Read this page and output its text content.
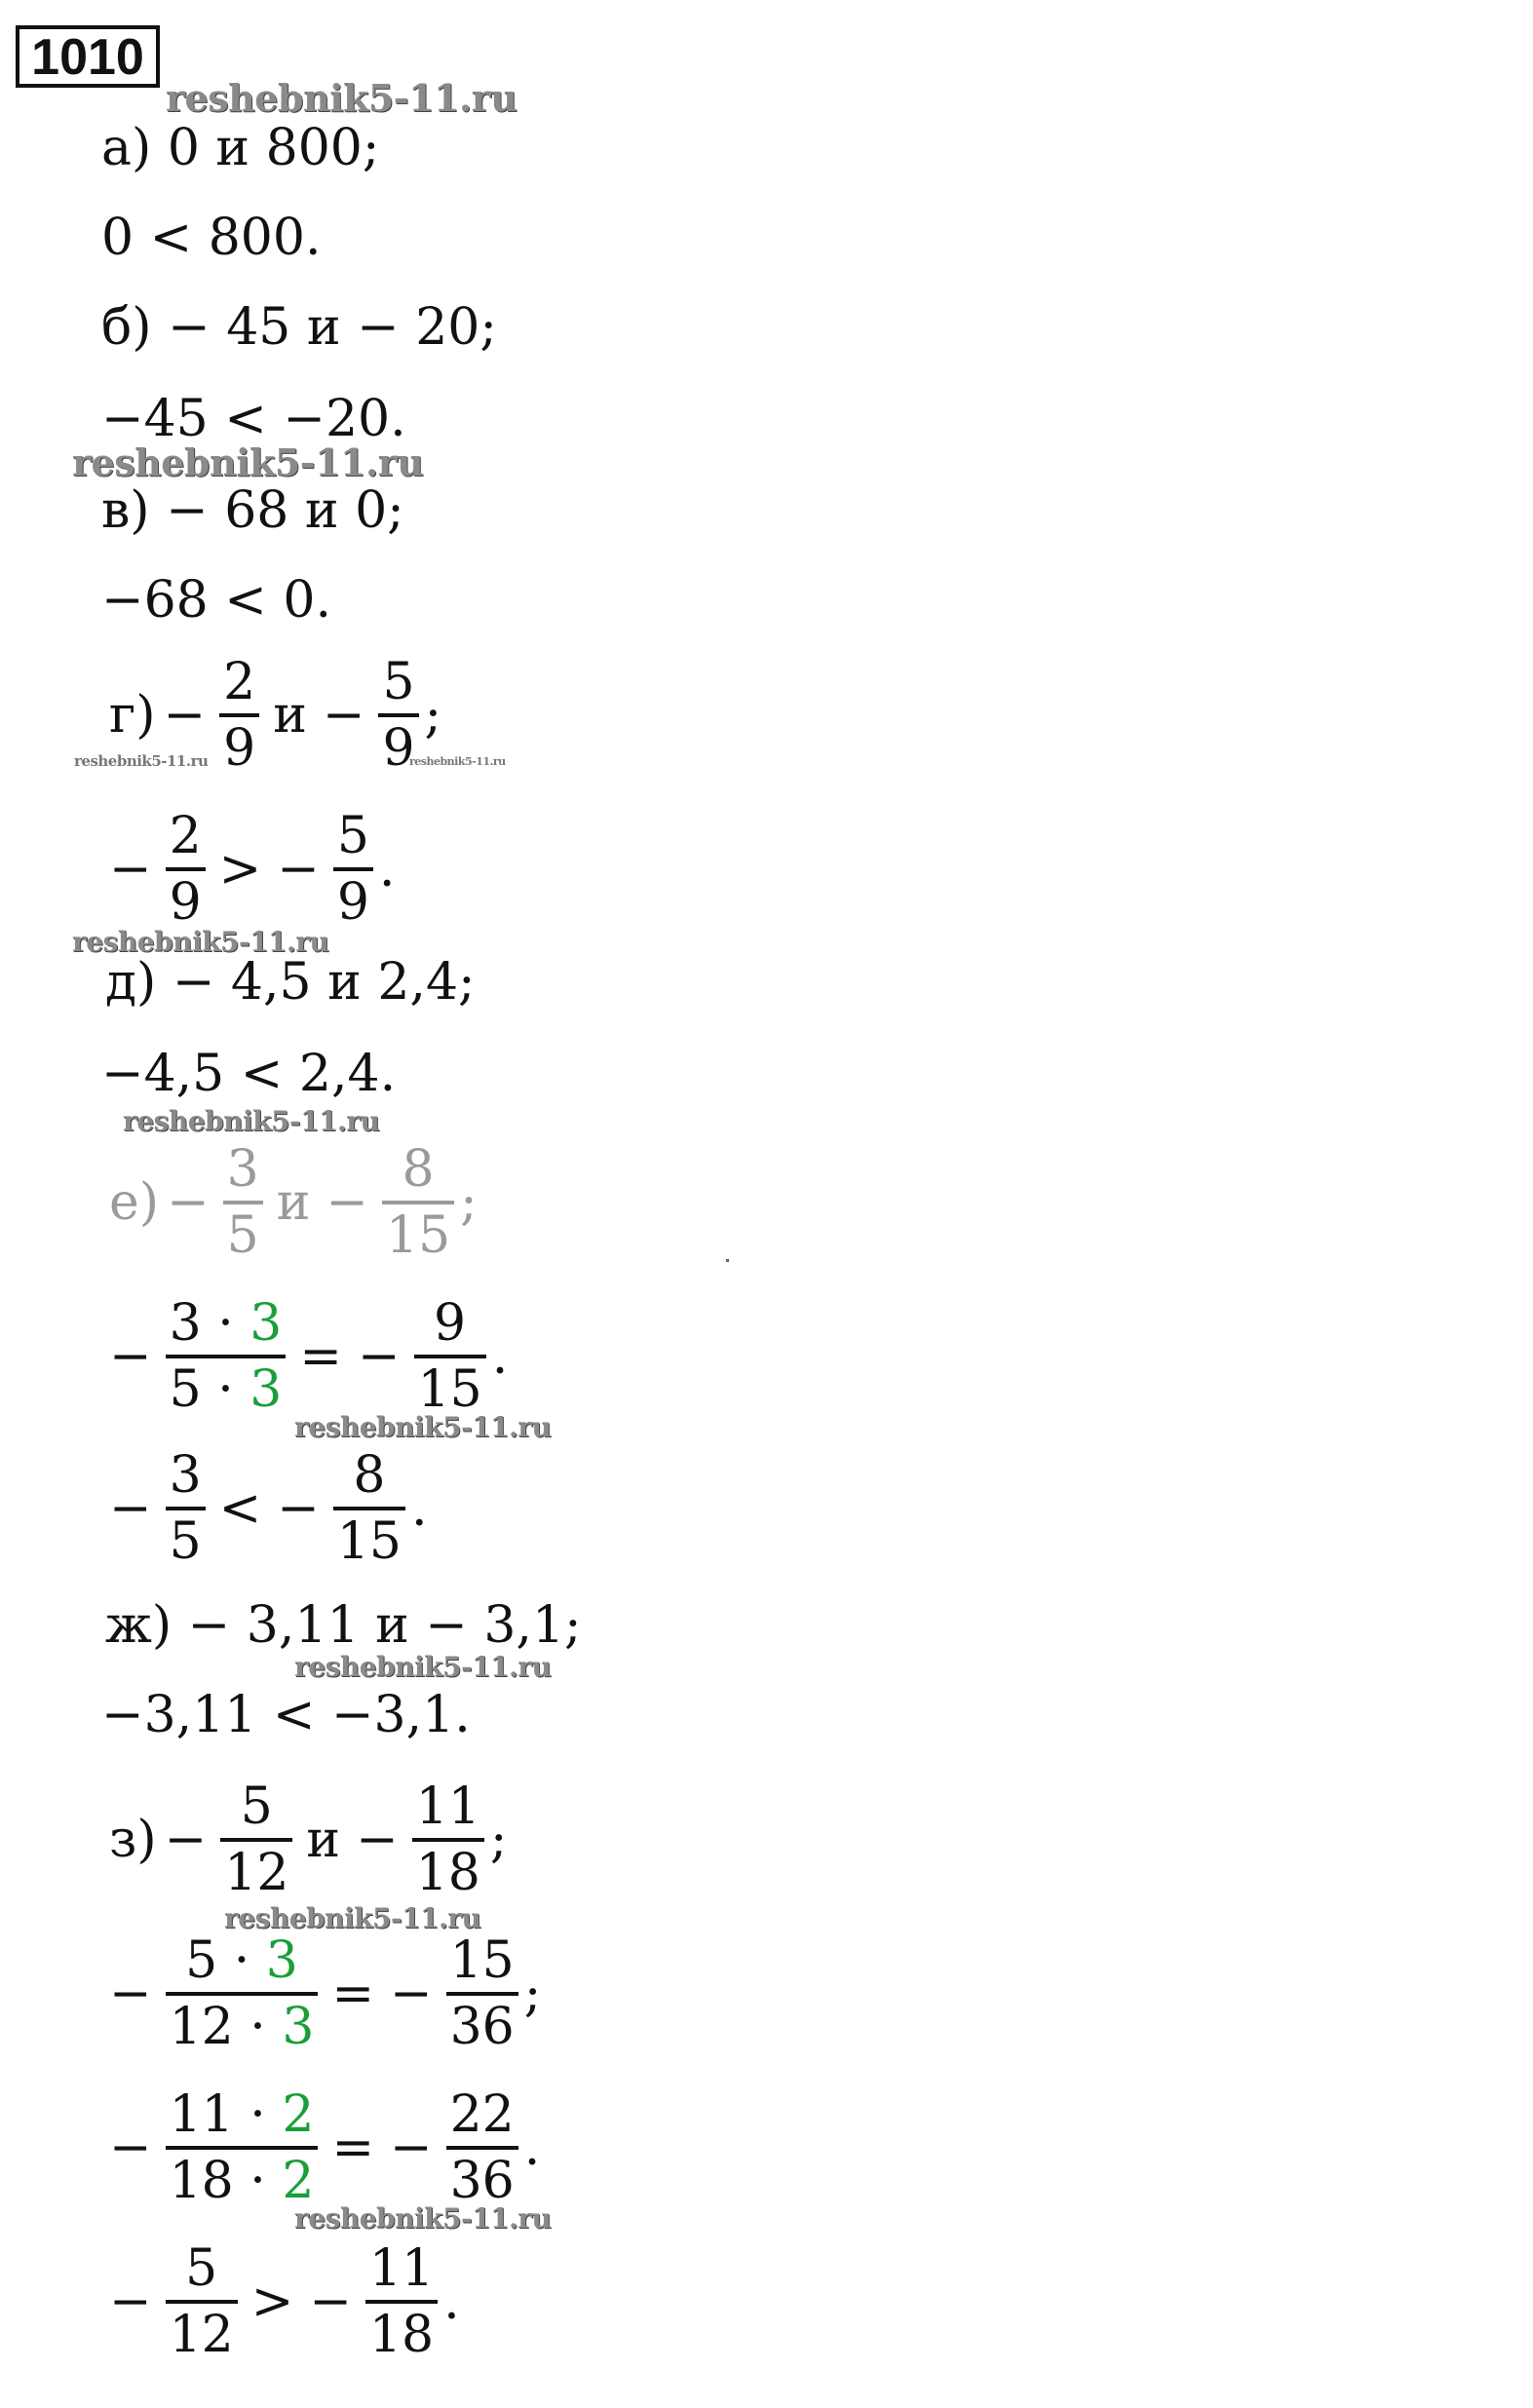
1010
reshebnik5-11.ru
reshebnik5-11.ru
reshebnik5-11.ru	reshebnik5-11.ru
reshebnik5-11.ru
reshebnik5-11.ru
reshebnik5-11.ru
reshebnik5-11.ru
reshebnik5-11.ru
reshebnik5-11.ru
а) 0 и 800;
0 < 800.
б) − 45 и − 20;
−45 < −20.
в) − 68 и 0;
−68 < 0.
$г) - \frac{2}{9}$ $и - \frac{5}{9}$ ;
− $\frac{2}{9}$ > − $\frac{5}{9}$ .
д) − 4,5 и 2,4;
−4,5 < 2,4.
$е) - \frac{3}{5}$ $и - \frac{8}{15}$ ;
− $\frac{3 \cdot 3}{5 \cdot 3}$ = − $\frac{9}{15}$ .
− $\frac{3}{5}$ < − $\frac{8}{15}$ .
ж) − 3,11 и − 3,1;
−3,11 < −3,1.
$з) - \frac{5}{12}$ $и - \frac{11}{18}$ ;
− $\frac{5 \cdot 3}{12 \cdot 3}$ = − $\frac{15}{36}$ ;
− $\frac{11 \cdot 2}{18 \cdot 2}$ = − $\frac{22}{36}$ .
− $\frac{5}{12}$ > − $\frac{11}{18}$ .
